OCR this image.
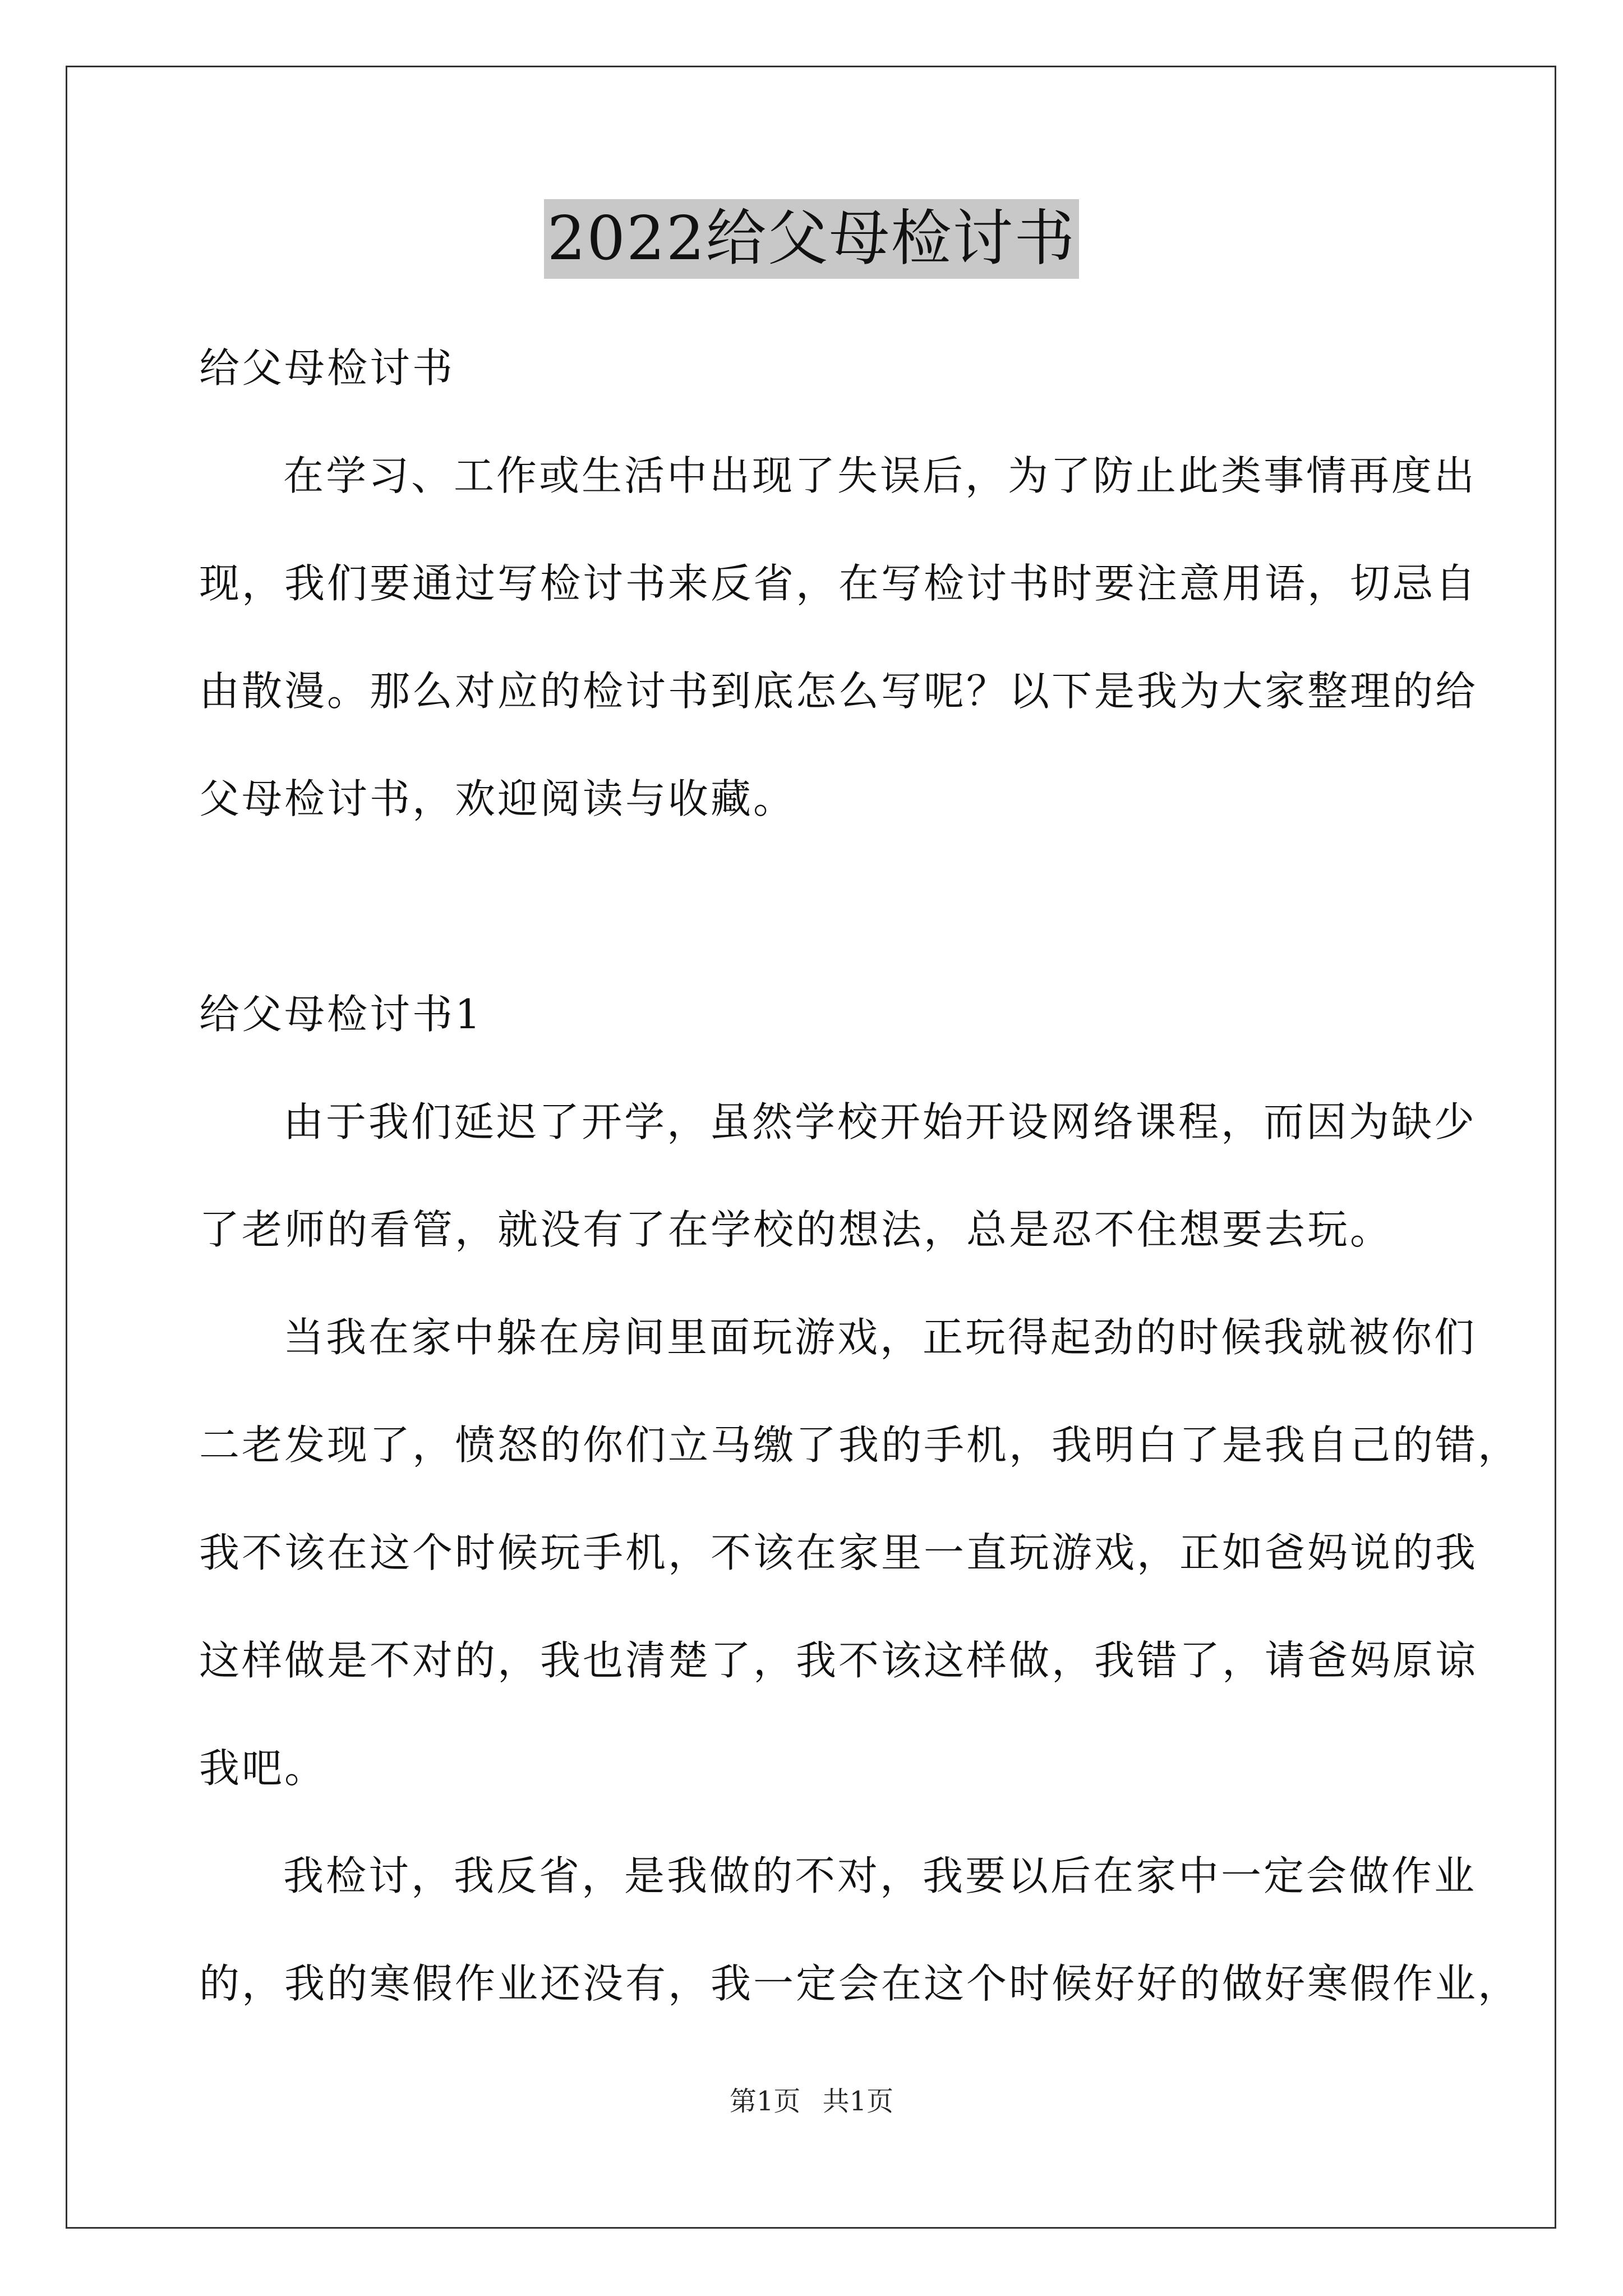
2022给父母检讨书
给父母检讨书
在学习、工作或生活中出现了失误后，为了防止此类事情再度出
现，我们要通过写检讨书来反省，在写检讨书时要注意用语，切忌自
由散漫。那么对应的检讨书到底怎么写呢？以下是我为大家整理的给
父母检讨书，欢迎阅读与收藏。
给父母检讨书1
由于我们延迟了开学，虽然学校开始开设网络课程，而因为缺少
了老师的看管，就没有了在学校的想法，总是忍不住想要去玩。
当我在家中躲在房间里面玩游戏，正玩得起劲的时候我就被你们
二老发现了，愤怒的你们立马缴了我的手机，我明白了是我自己的错，
我不该在这个时候玩手机，不该在家里一直玩游戏，正如爸妈说的我
这样做是不对的，我也清楚了，我不该这样做，我错了，请爸妈原谅
我吧。
我检讨，我反省，是我做的不对，我要以后在家中一定会做作业
的，我的寒假作业还没有，我一定会在这个时候好好的做好寒假作业，
第1页 共1页
